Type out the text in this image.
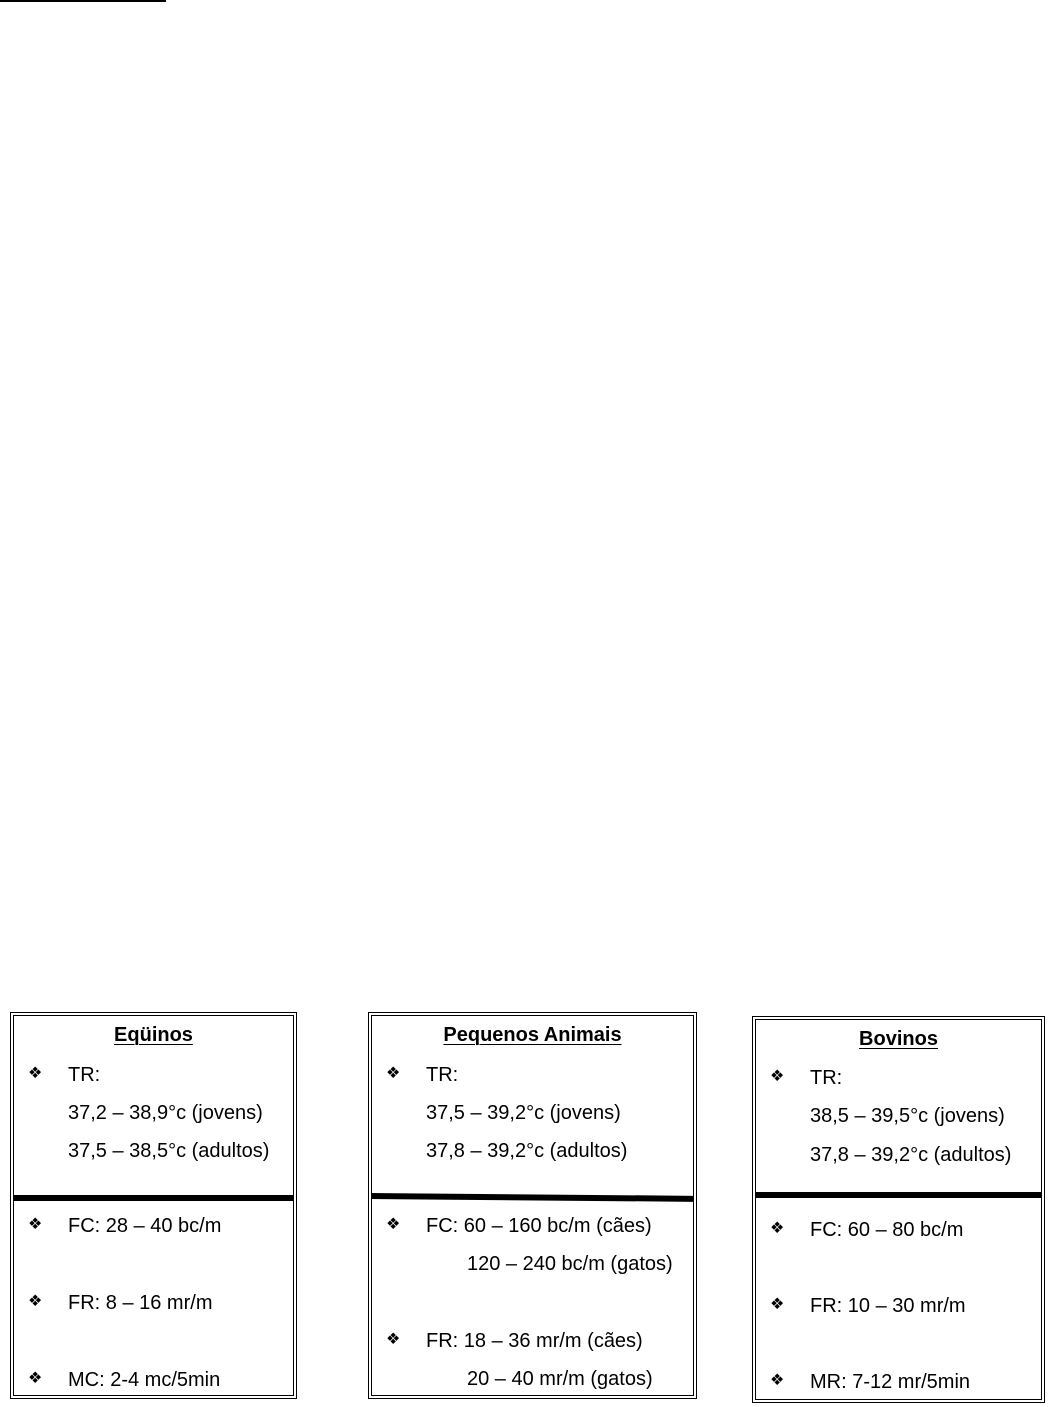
Eqüinos
❖ TR:
37,2 – 38,9°c (jovens)
37,5 – 38,5°c (adultos)
❖ FC: 28 – 40 bc/m
❖ FR: 8 – 16 mr/m
❖ MC: 2-4 mc/5min
Pequenos Animais
❖ TR:
37,5 – 39,2°c (jovens)
37,8 – 39,2°c (adultos)
❖ FC: 60 – 160 bc/m (cães)
120 – 240 bc/m (gatos)
❖ FR: 18 – 36 mr/m (cães)
20 – 40 mr/m (gatos)
Bovinos
❖ TR:
38,5 – 39,5°c (jovens)
37,8 – 39,2°c (adultos)
❖ FC: 60 – 80 bc/m
❖ FR: 10 – 30 mr/m
❖ MR: 7-12 mr/5min
